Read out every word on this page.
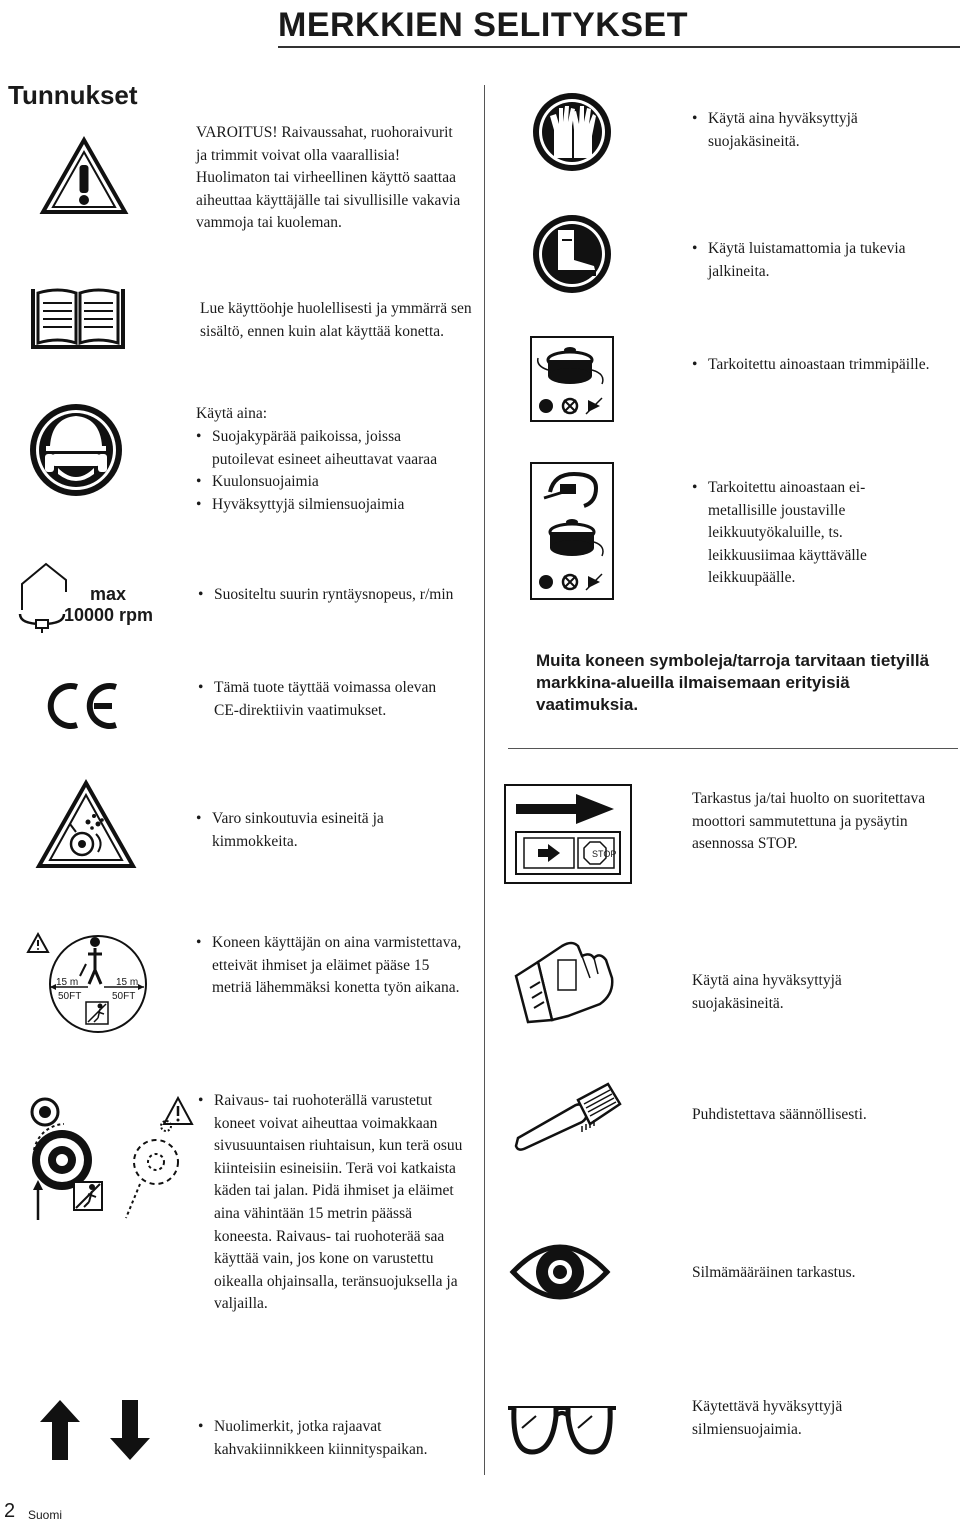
MERKKIEN SELITYKSET
Tunnukset
VAROITUS! Raivaussahat, ruohoraivurit ja trimmit voivat olla vaarallisia! Huolimaton tai virheellinen käyttö saattaa aiheuttaa käyttäjälle tai sivullisille vakavia vammoja tai kuoleman.
Lue käyttöohje huolellisesti ja ymmärrä sen sisältö, ennen kuin alat käyttää konetta.
Käytä aina:
• Suojakypärää paikoissa, joissa putoilevat esineet aiheuttavat vaaraa
• Kuulonsuojaimia
• Hyväksyttyjä silmiensuojaimia
max
10000 rpm
• Suositeltu suurin ryntäysnopeus, r/min
• Tämä tuote täyttää voimassa olevan CE-direktiivin vaatimukset.
• Varo sinkoutuvia esineitä ja kimmokkeita.
15 m
50FT
15 m
50FT
• Koneen käyttäjän on aina varmistettava, etteivät ihmiset ja eläimet pääse 15 metriä lähemmäksi konetta työn aikana.
• Raivaus- tai ruohoterällä varustetut koneet voivat aiheuttaa voimakkaan sivusuuntaisen riuhtaisun, kun terä osuu kiinteisiin esineisiin. Terä voi katkaista käden tai jalan. Pidä ihmiset ja eläimet aina vähintään 15 metrin päässä koneesta. Raivaus- tai ruohoterää saa käyttää vain, jos kone on varustettu oikealla ohjainsalla, teränsuojuksella ja valjailla.
• Nuolimerkit, jotka rajaavat kahvakiinnikkeen kiinnityspaikan.
• Käytä aina hyväksyttyjä suojakäsineitä.
• Käytä luistamattomia ja tukevia jalkineita.
• Tarkoitettu ainoastaan trimmipäille.
• Tarkoitettu ainoastaan ei-metallisille joustaville leikkuutyökaluille, ts. leikkuusiimaa käyttävälle leikkuupäälle.
Muita koneen symboleja/tarroja tarvitaan tietyillä markkina-alueilla ilmaisemaan erityisiä vaatimuksia.
STOP
Tarkastus ja/tai huolto on suoritettava moottori sammutettuna ja pysäytin asennossa STOP.
Käytä aina hyväksyttyjä suojakäsineitä.
Puhdistettava säännöllisesti.
Silmämääräinen tarkastus.
Käytettävä hyväksyttyjä silmiensuojaimia.
2 Suomi
